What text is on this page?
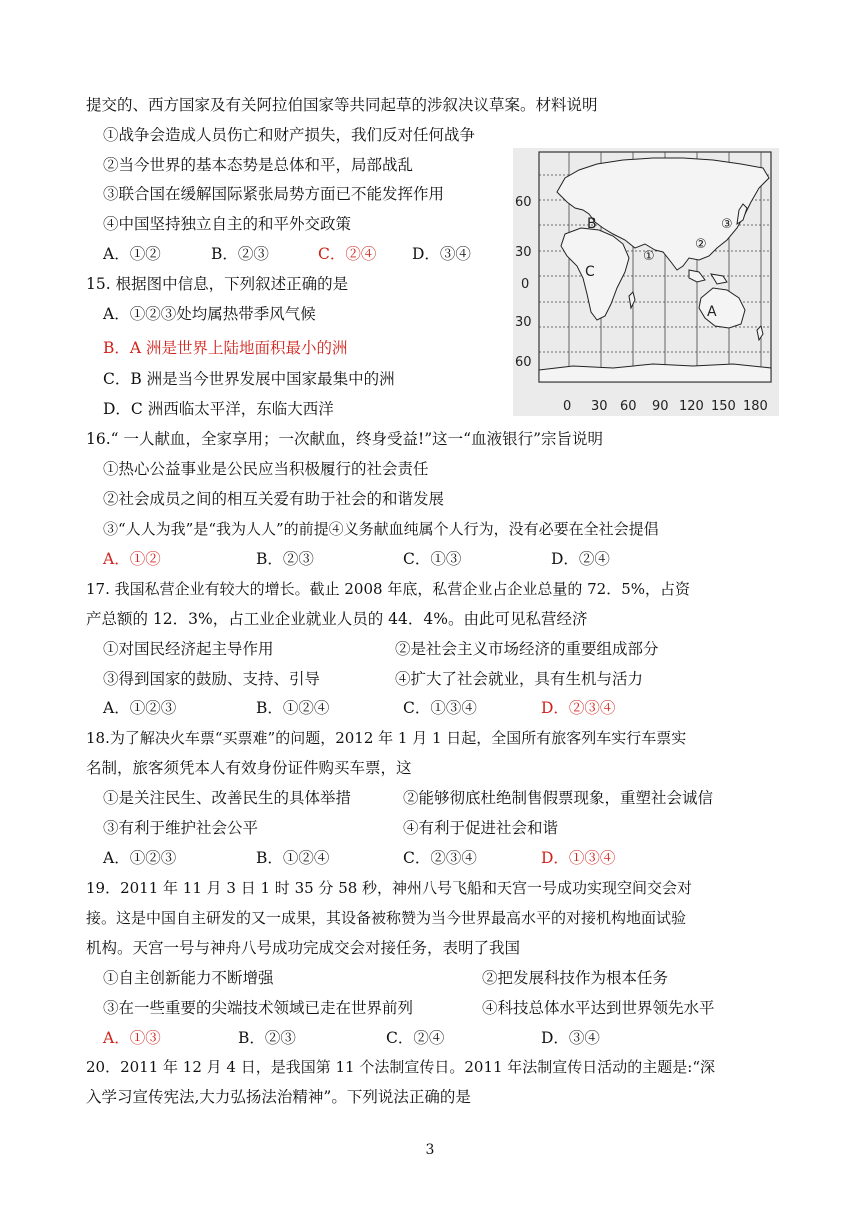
提交的、西方国家及有关阿拉伯国家等共同起草的涉叙决议草案。材料说明
①战争会造成人员伤亡和财产损失，我们反对任何战争
②当今世界的基本态势是总体和平，局部战乱
③联合国在缓解国际紧张局势方面已不能发挥作用
④中国坚持独立自主的和平外交政策
A．①②	B．②③	C．②④ D．③④
15. 根据图中信息，下列叙述正确的是
A．①②③处均属热带季风气候
B．A 洲是世界上陆地面积最小的洲
C．B 洲是当今世界发展中国家最集中的洲
D．C 洲西临太平洋，东临大西洋
16.“ 一人献血，全家享用；一次献血，终身受益!”这一“血液银行”宗旨说明
①热心公益事业是公民应当积极履行的社会责任
②社会成员之间的相互关爱有助于社会的和谐发展
③“人人为我”是“我为人人”的前提④义务献血纯属个人行为，没有必要在全社会提倡
A．①②	B．②③	C．①③	D．②④
17. 我国私营企业有较大的增长。截止 2008 年底，私营企业占企业总量的 72．5%，占资
产总额的 12．3%，占工业企业就业人员的 44．4%。由此可见私营经济
①对国民经济起主导作用	②是社会主义市场经济的重要组成部分
③得到国家的鼓励、支持、引导	④扩大了社会就业，具有生机与活力
A．①②③	B．①②④	C．①③④	D．②③④
18.为了解决火车票“买票难”的问题，2012 年 1 月 1 日起，全国所有旅客列车实行车票实
名制，旅客须凭本人有效身份证件购买车票，这
①是关注民生、改善民生的具体举措	②能够彻底杜绝制售假票现象，重塑社会诚信
③有利于维护社会公平	④有利于促进社会和谐
A．①②③	B．①②④	C．②③④	D．①③④
19．2011 年 11 月 3 日 1 时 35 分 58 秒，神州八号飞船和天宫一号成功实现空间交会对
接。这是中国自主研发的又一成果，其设备被称赞为当今世界最高水平的对接机构地面试验
机构。天宫一号与神舟八号成功完成交会对接任务，表明了我国
①自主创新能力不断增强	②把发展科技作为根本任务
③在一些重要的尖端技术领域已走在世界前列	④科技总体水平达到世界领先水平
A．①③	B．②③	C．②④	D．③④
20．2011 年 12 月 4 日，是我国第 11 个法制宣传日。2011 年法制宣传日活动的主题是:“深
入学习宣传宪法,大力弘扬法治精神”。下列说法正确的是
60
30
0
30
60
0 30 60 90 120 150 180
B
C
A
①
②
③
3
